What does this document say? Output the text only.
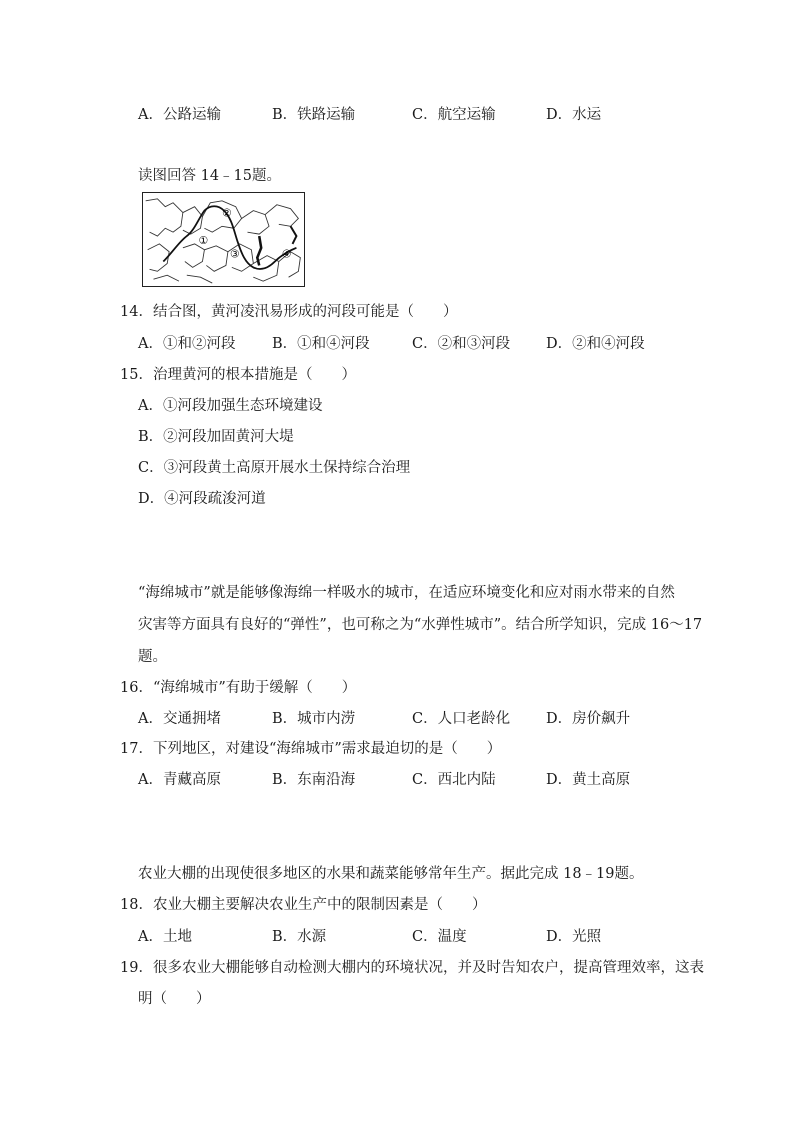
A．公路运输	B．铁路运输	C．航空运输	D．水运
读图回答 14﹣15题。
①
②
③	④
14．结合图，黄河凌汛易形成的河段可能是（　　）
A．①和②河段	B．①和④河段	C．②和③河段 D．②和④河段
15．治理黄河的根本措施是（　　）
A．①河段加强生态环境建设
B．②河段加固黄河大堤
C．③河段黄土高原开展水土保持综合治理
D．④河段疏浚河道
“海绵城市”就是能够像海绵一样吸水的城市，在适应环境变化和应对雨水带来的自然
灾害等方面具有良好的“弹性”，也可称之为“水弹性城市”。结合所学知识，完成 16～17
题。
16．“海绵城市”有助于缓解（　　）
A．交通拥堵	B．城市内涝	C．人口老龄化 D．房价飙升
17．下列地区，对建设“海绵城市”需求最迫切的是（　　）
A．青藏高原	B．东南沿海	C．西北内陆	D．黄土高原
农业大棚的出现使很多地区的水果和蔬菜能够常年生产。据此完成 18﹣19题。
18．农业大棚主要解决农业生产中的限制因素是（　　）
A．土地	B．水源	C．温度	D．光照
19．很多农业大棚能够自动检测大棚内的环境状况，并及时告知农户，提高管理效率，这表
明（　　）
